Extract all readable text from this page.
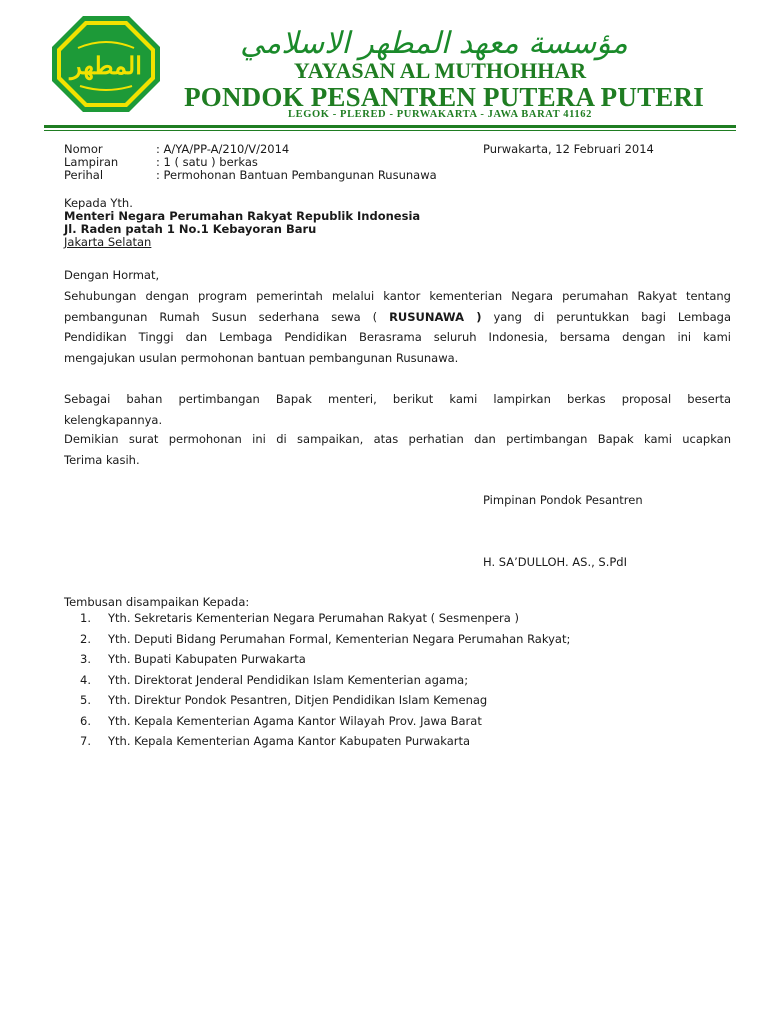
المطهر
مؤسسة معهد المطهر الاسلامي
YAYASAN AL MUTHOHHAR
PONDOK PESANTREN PUTERA PUTERI
LEGOK - PLERED - PURWAKARTA - JAWA BARAT 41162
Nomor	: A/YA/PP-A/210/V/2014	Purwakarta, 12 Februari 2014
Lampiran	: 1 ( satu ) berkas
Perihal	: Permohonan Bantuan Pembangunan Rusunawa
Kepada Yth.
Menteri Negara Perumahan Rakyat Republik Indonesia
Jl. Raden patah 1 No.1 Kebayoran Baru
Jakarta Selatan
Dengan Hormat,
Sehubungan dengan program pemerintah melalui kantor kementerian Negara perumahan Rakyat tentang
pembangunan Rumah Susun sederhana sewa ( RUSUNAWA ) yang di peruntukkan bagi Lembaga
Pendidikan Tinggi dan Lembaga Pendidikan Berasrama seluruh Indonesia, bersama dengan ini kami
mengajukan usulan permohonan bantuan pembangunan Rusunawa.
Sebagai bahan pertimbangan Bapak menteri, berikut kami lampirkan berkas proposal beserta
kelengkapannya.
Demikian surat permohonan ini di sampaikan, atas perhatian dan pertimbangan Bapak kami ucapkan
Terima kasih.
Pimpinan Pondok Pesantren
H. SA’DULLOH. AS., S.PdI
Tembusan disampaikan Kepada:
1.	Yth. Sekretaris Kementerian Negara Perumahan Rakyat ( Sesmenpera )
2.	Yth. Deputi Bidang Perumahan Formal, Kementerian Negara Perumahan Rakyat;
3.	Yth. Bupati Kabupaten Purwakarta
4.	Yth. Direktorat Jenderal Pendidikan Islam Kementerian agama;
5.	Yth. Direktur Pondok Pesantren, Ditjen Pendidikan Islam Kemenag
6.	Yth. Kepala Kementerian Agama Kantor Wilayah Prov. Jawa Barat
7.	Yth. Kepala Kementerian Agama Kantor Kabupaten Purwakarta
